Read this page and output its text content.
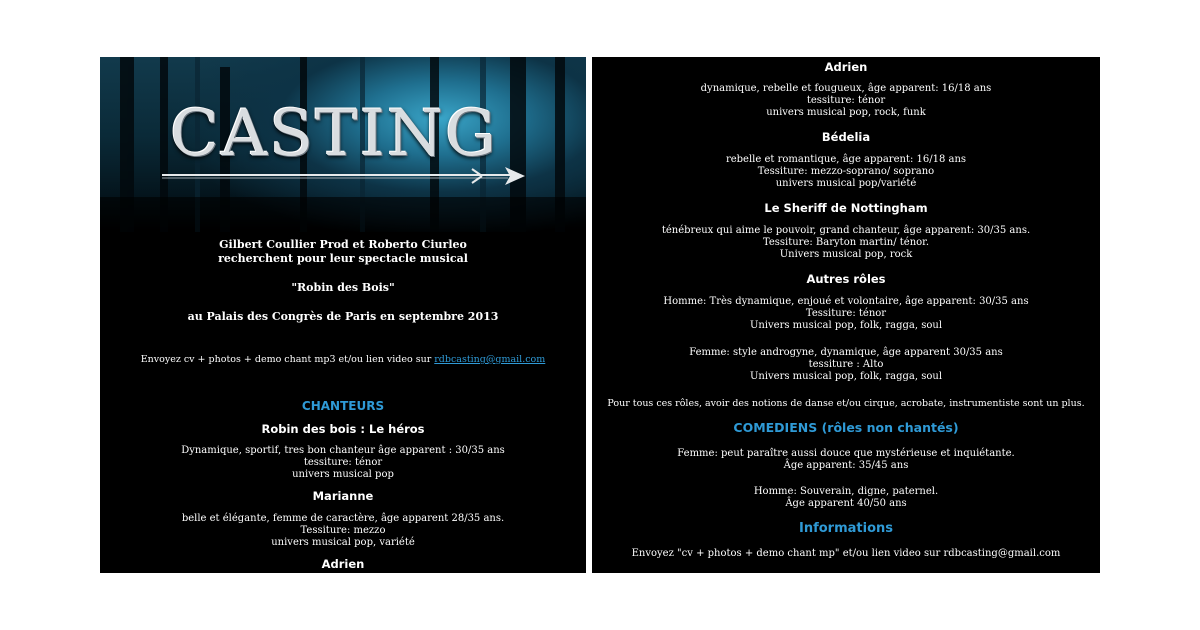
CASTING
Gilbert Coullier Prod et Roberto Ciurleo
recherchent pour leur spectacle musical
"Robin des Bois"
au Palais des Congrès de Paris en septembre 2013
Envoyez cv + photos + demo chant mp3 et/ou lien video sur rdbcasting@gmail.com
CHANTEURS
Robin des bois : Le héros
Dynamique, sportif, tres bon chanteur âge apparent : 30/35 ans
tessiture: ténor
univers musical pop
Marianne
belle et élégante, femme de caractère, âge apparent 28/35 ans.
Tessiture: mezzo
univers musical pop, variété
Adrien
Adrien
dynamique, rebelle et fougueux, âge apparent: 16/18 ans
tessiture: ténor
univers musical pop, rock, funk
Bédelia
rebelle et romantique, âge apparent: 16/18 ans
Tessiture: mezzo-soprano/ soprano
univers musical pop/variété
Le Sheriff de Nottingham
ténébreux qui aime le pouvoir, grand chanteur, âge apparent: 30/35 ans.
Tessiture: Baryton martin/ ténor.
Univers musical pop, rock
Autres rôles
Homme: Très dynamique, enjoué et volontaire, âge apparent: 30/35 ans
Tessiture: ténor
Univers musical pop, folk, ragga, soul
Femme: style androgyne, dynamique, âge apparent 30/35 ans
tessiture : Alto
Univers musical pop, folk, ragga, soul
Pour tous ces rôles, avoir des notions de danse et/ou cirque, acrobate, instrumentiste sont un plus.
COMEDIENS (rôles non chantés)
Femme: peut paraître aussi douce que mystérieuse et inquiétante.
Âge apparent: 35/45 ans
Homme: Souverain, digne, paternel.
Âge apparent 40/50 ans
Informations
Envoyez "cv + photos + demo chant mp" et/ou lien video sur rdbcasting@gmail.com
